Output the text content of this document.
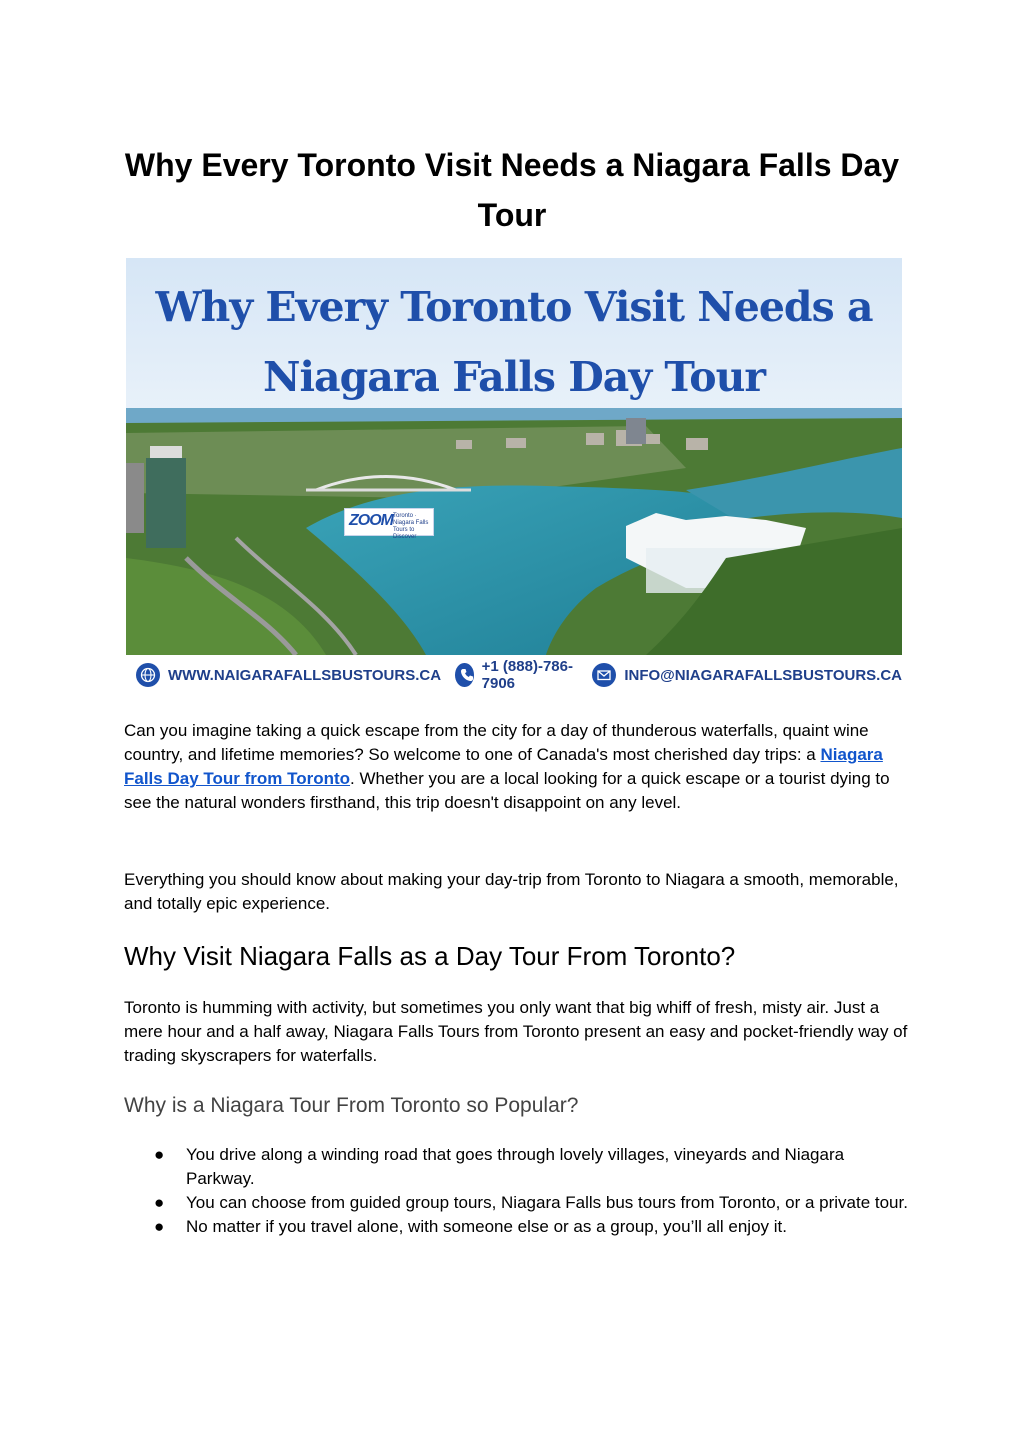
Why Every Toronto Visit Needs a Niagara Falls Day Tour
Why Every Toronto Visit Needs a
Niagara Falls Day Tour
ZOOM Toronto · Niagara Falls Tours to Discover
WWW.NAIGARAFALLSBUSTOURS.CA	+1 (888)-786-7906	INFO@NIAGARAFALLSBUSTOURS.CA

Can you imagine taking a quick escape from the city for a day of thunderous waterfalls, quaint wine country, and lifetime memories? So welcome to one of Canada's most cherished day trips: a Niagara Falls Day Tour from Toronto. Whether you are a local looking for a quick escape or a tourist dying to see the natural wonders firsthand, this trip doesn't disappoint on any level.

Everything you should know about making your day-trip from Toronto to Niagara a smooth, memorable, and totally epic experience.

Why Visit Niagara Falls as a Day Tour From Toronto?

Toronto is humming with activity, but sometimes you only want that big whiff of fresh, misty air. Just a mere hour and a half away, Niagara Falls Tours from Toronto present an easy and pocket-friendly way of trading skyscrapers for waterfalls.

Why is a Niagara Tour From Toronto so Popular?
● You drive along a winding road that goes through lovely villages, vineyards and Niagara Parkway.
● You can choose from guided group tours, Niagara Falls bus tours from Toronto, or a private tour.
● No matter if you travel alone, with someone else or as a group, you’ll all enjoy it.
